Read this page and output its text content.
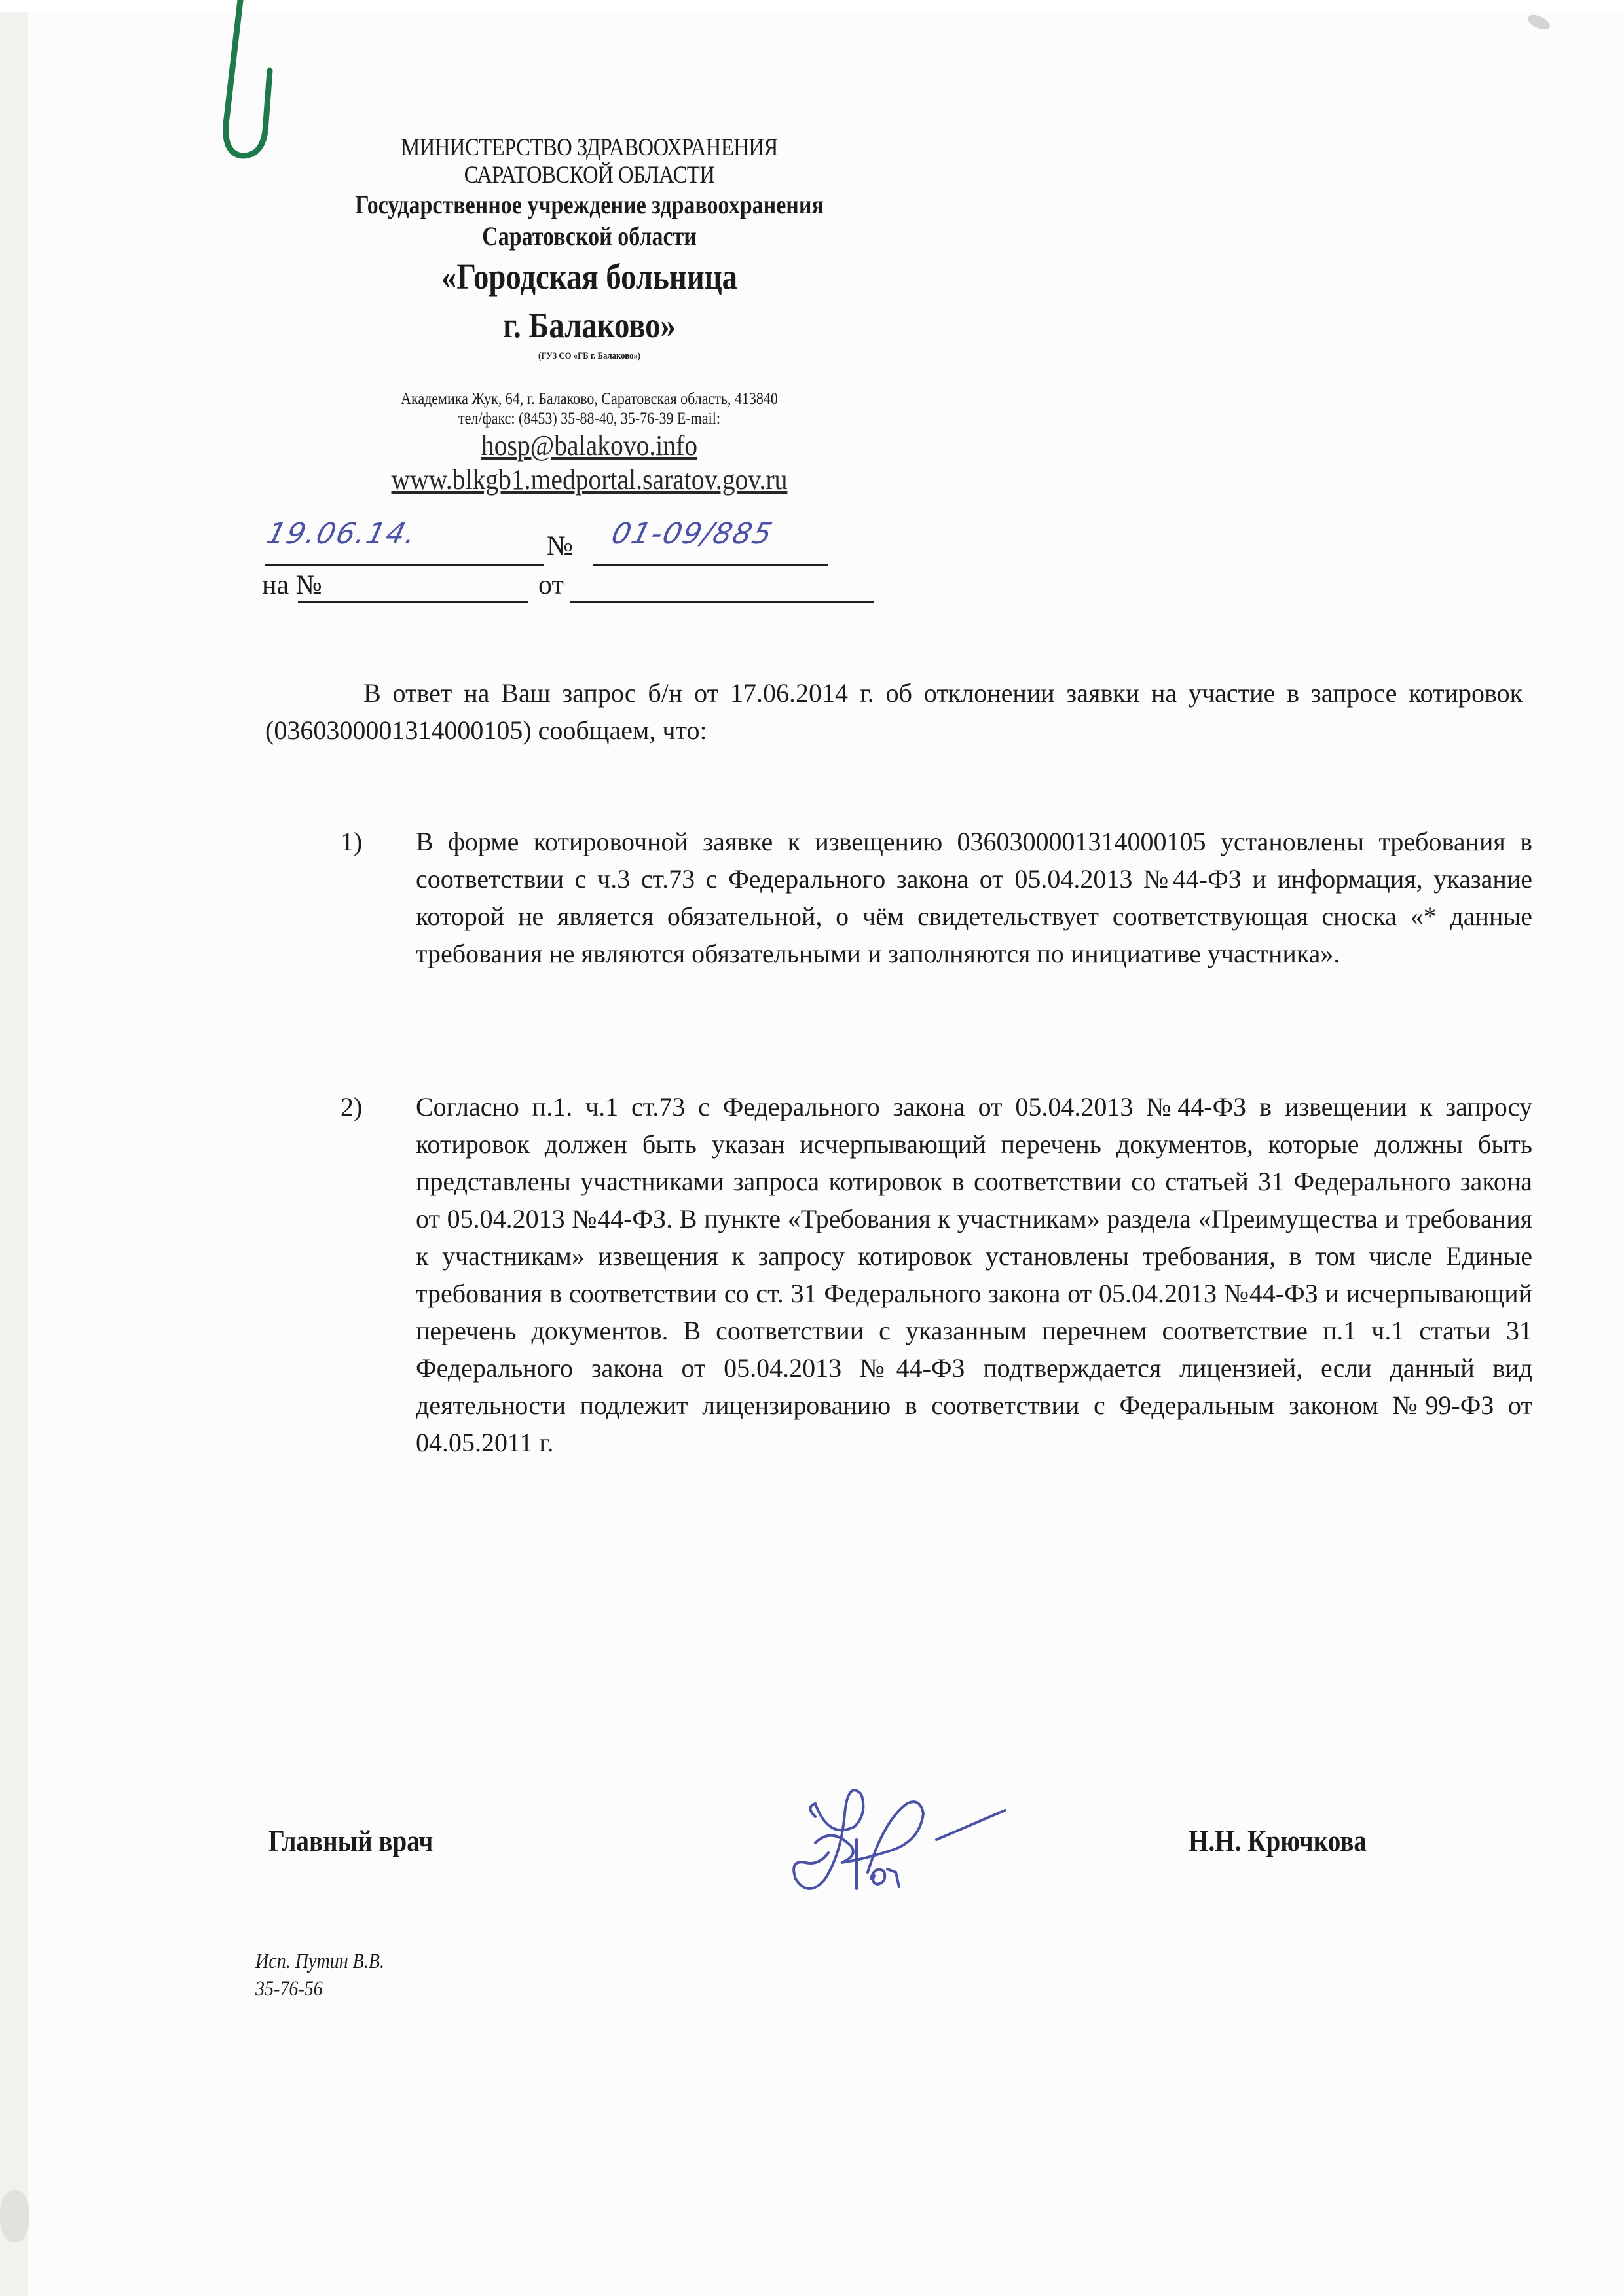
МИНИСТЕРСТВО ЗДРАВООХРАНЕНИЯ
САРАТОВСКОЙ ОБЛАСТИ
Государственное учреждение здравоохранения
Саратовской области
«Городская больница
г. Балаково»
(ГУЗ СО «ГБ г. Балаково»)
Академика Жук, 64, г. Балаково, Саратовская область, 413840
тел/факс: (8453) 35-88-40, 35-76-39 E-mail:
hosp@balakovo.info
www.blkgb1.medportal.saratov.gov.ru
19.06.14.	№ 01-09/885
на №	от
В ответ на Ваш запрос б/н от 17.06.2014 г. об отклонении заявки на участие в запросе котировок (0360300001314000105) сообщаем, что:
1) В форме котировочной заявке к извещению 0360300001314000105 установлены требования в соответствии с ч.3 ст.73 с Федерального закона от 05.04.2013 №44-ФЗ и информация, указание которой не является обязательной, о чём свидетельствует соответствующая сноска «* данные требования не являются обязательными и заполняются по инициативе участника».
2) Согласно п.1. ч.1 ст.73 с Федерального закона от 05.04.2013 №44-ФЗ в извещении к запросу котировок должен быть указан исчерпывающий перечень документов, которые должны быть представлены участниками запроса котировок в соответствии со статьей 31 Федерального закона от 05.04.2013 №44-ФЗ. В пункте «Требования к участникам» раздела «Преимущества и требования к участникам» извещения к запросу котировок установлены требования, в том числе Единые требования в соответствии со ст. 31 Федерального закона от 05.04.2013 №44-ФЗ и исчерпывающий перечень документов. В соответствии с указанным перечнем соответствие п.1 ч.1 статьи 31 Федерального закона от 05.04.2013 №44-ФЗ подтверждается лицензией, если данный вид деятельности подлежит лицензированию в соответствии с Федеральным законом №99-ФЗ от 04.05.2011 г.
Главный врач	Н.Н. Крючкова
Исп. Путин В.В.
35-76-56
